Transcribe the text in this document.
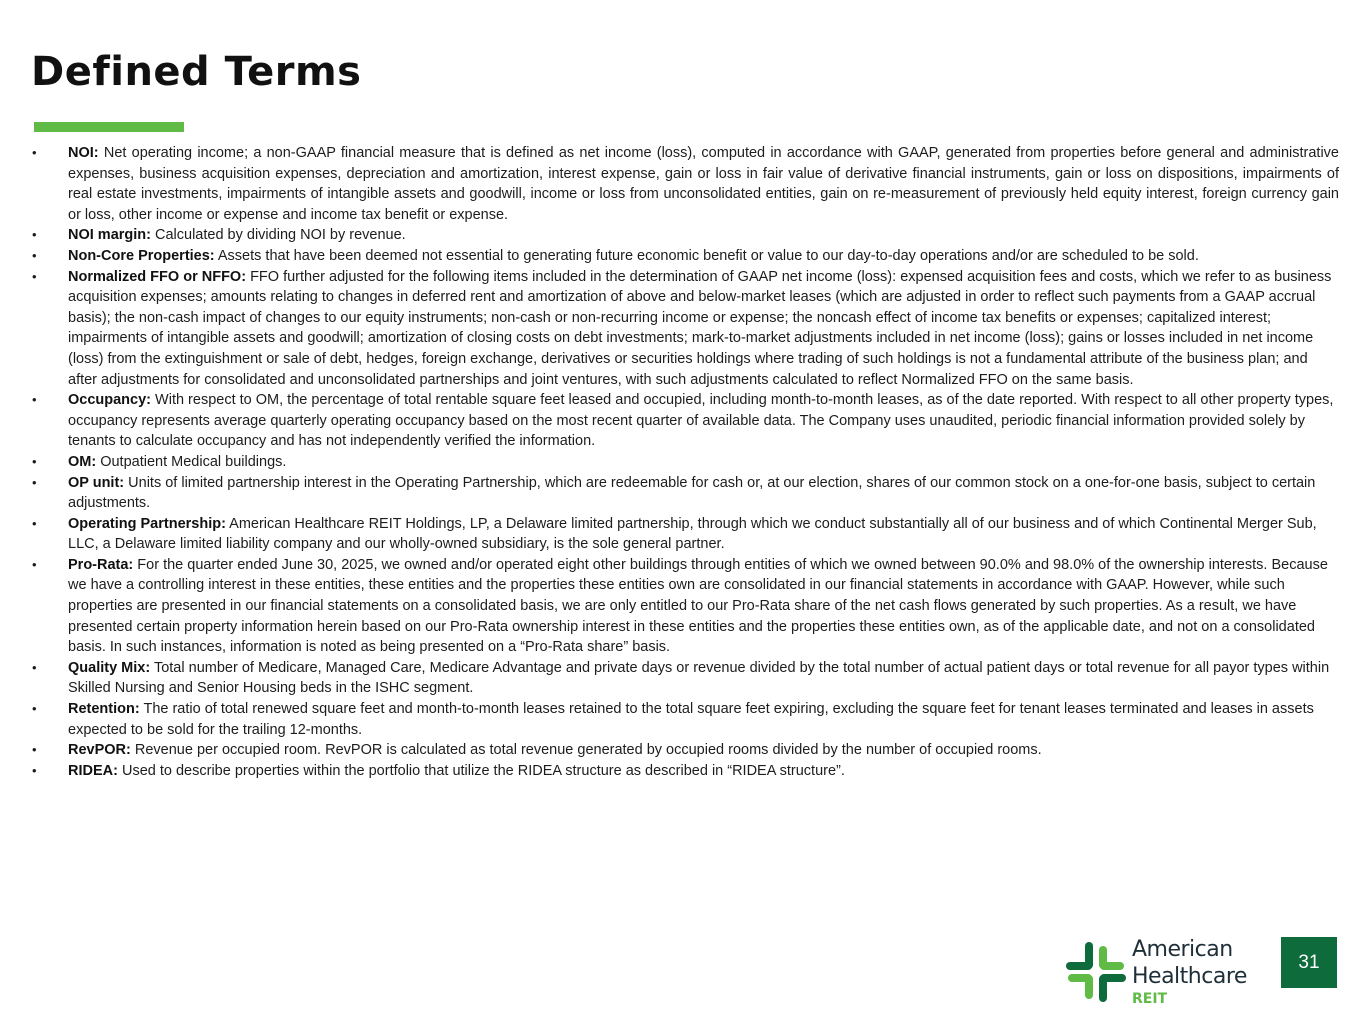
Defined Terms
• NOI: Net operating income; a non-GAAP financial measure that is defined as net income (loss), computed in accordance with GAAP, generated from properties before general and administrative expenses, business acquisition expenses, depreciation and amortization, interest expense, gain or loss in fair value of derivative financial instruments, gain or loss on dispositions, impairments of real estate investments, impairments of intangible assets and goodwill, income or loss from unconsolidated entities, gain on re-measurement of previously held equity interest, foreign currency gain or loss, other income or expense and income tax benefit or expense.
• NOI margin: Calculated by dividing NOI by revenue.
• Non-Core Properties: Assets that have been deemed not essential to generating future economic benefit or value to our day-to-day operations and/or are scheduled to be sold.
• Normalized FFO or NFFO: FFO further adjusted for the following items included in the determination of GAAP net income (loss): expensed acquisition fees and costs, which we refer to as business acquisition expenses; amounts relating to changes in deferred rent and amortization of above and below-market leases (which are adjusted in order to reflect such payments from a GAAP accrual basis); the non-cash impact of changes to our equity instruments; non-cash or non-recurring income or expense; the noncash effect of income tax benefits or expenses; capitalized interest; impairments of intangible assets and goodwill; amortization of closing costs on debt investments; mark-to-market adjustments included in net income (loss); gains or losses included in net income (loss) from the extinguishment or sale of debt, hedges, foreign exchange, derivatives or securities holdings where trading of such holdings is not a fundamental attribute of the business plan; and after adjustments for consolidated and unconsolidated partnerships and joint ventures, with such adjustments calculated to reflect Normalized FFO on the same basis.
• Occupancy: With respect to OM, the percentage of total rentable square feet leased and occupied, including month-to-month leases, as of the date reported. With respect to all other property types, occupancy represents average quarterly operating occupancy based on the most recent quarter of available data. The Company uses unaudited, periodic financial information provided solely by tenants to calculate occupancy and has not independently verified the information.
• OM: Outpatient Medical buildings.
• OP unit: Units of limited partnership interest in the Operating Partnership, which are redeemable for cash or, at our election, shares of our common stock on a one-for-one basis, subject to certain adjustments.
• Operating Partnership: American Healthcare REIT Holdings, LP, a Delaware limited partnership, through which we conduct substantially all of our business and of which Continental Merger Sub, LLC, a Delaware limited liability company and our wholly-owned subsidiary, is the sole general partner.
• Pro-Rata: For the quarter ended June 30, 2025, we owned and/or operated eight other buildings through entities of which we owned between 90.0% and 98.0% of the ownership interests. Because we have a controlling interest in these entities, these entities and the properties these entities own are consolidated in our financial statements in accordance with GAAP. However, while such properties are presented in our financial statements on a consolidated basis, we are only entitled to our Pro-Rata share of the net cash flows generated by such properties. As a result, we have presented certain property information herein based on our Pro-Rata ownership interest in these entities and the properties these entities own, as of the applicable date, and not on a consolidated basis. In such instances, information is noted as being presented on a “Pro-Rata share” basis.
• Quality Mix: Total number of Medicare, Managed Care, Medicare Advantage and private days or revenue divided by the total number of actual patient days or total revenue for all payor types within Skilled Nursing and Senior Housing beds in the ISHC segment.
• Retention: The ratio of total renewed square feet and month-to-month leases retained to the total square feet expiring, excluding the square feet for tenant leases terminated and leases in assets expected to be sold for the trailing 12-months.
• RevPOR: Revenue per occupied room. RevPOR is calculated as total revenue generated by occupied rooms divided by the number of occupied rooms.
• RIDEA: Used to describe properties within the portfolio that utilize the RIDEA structure as described in “RIDEA structure”.
American
Healthcare
REIT
31
